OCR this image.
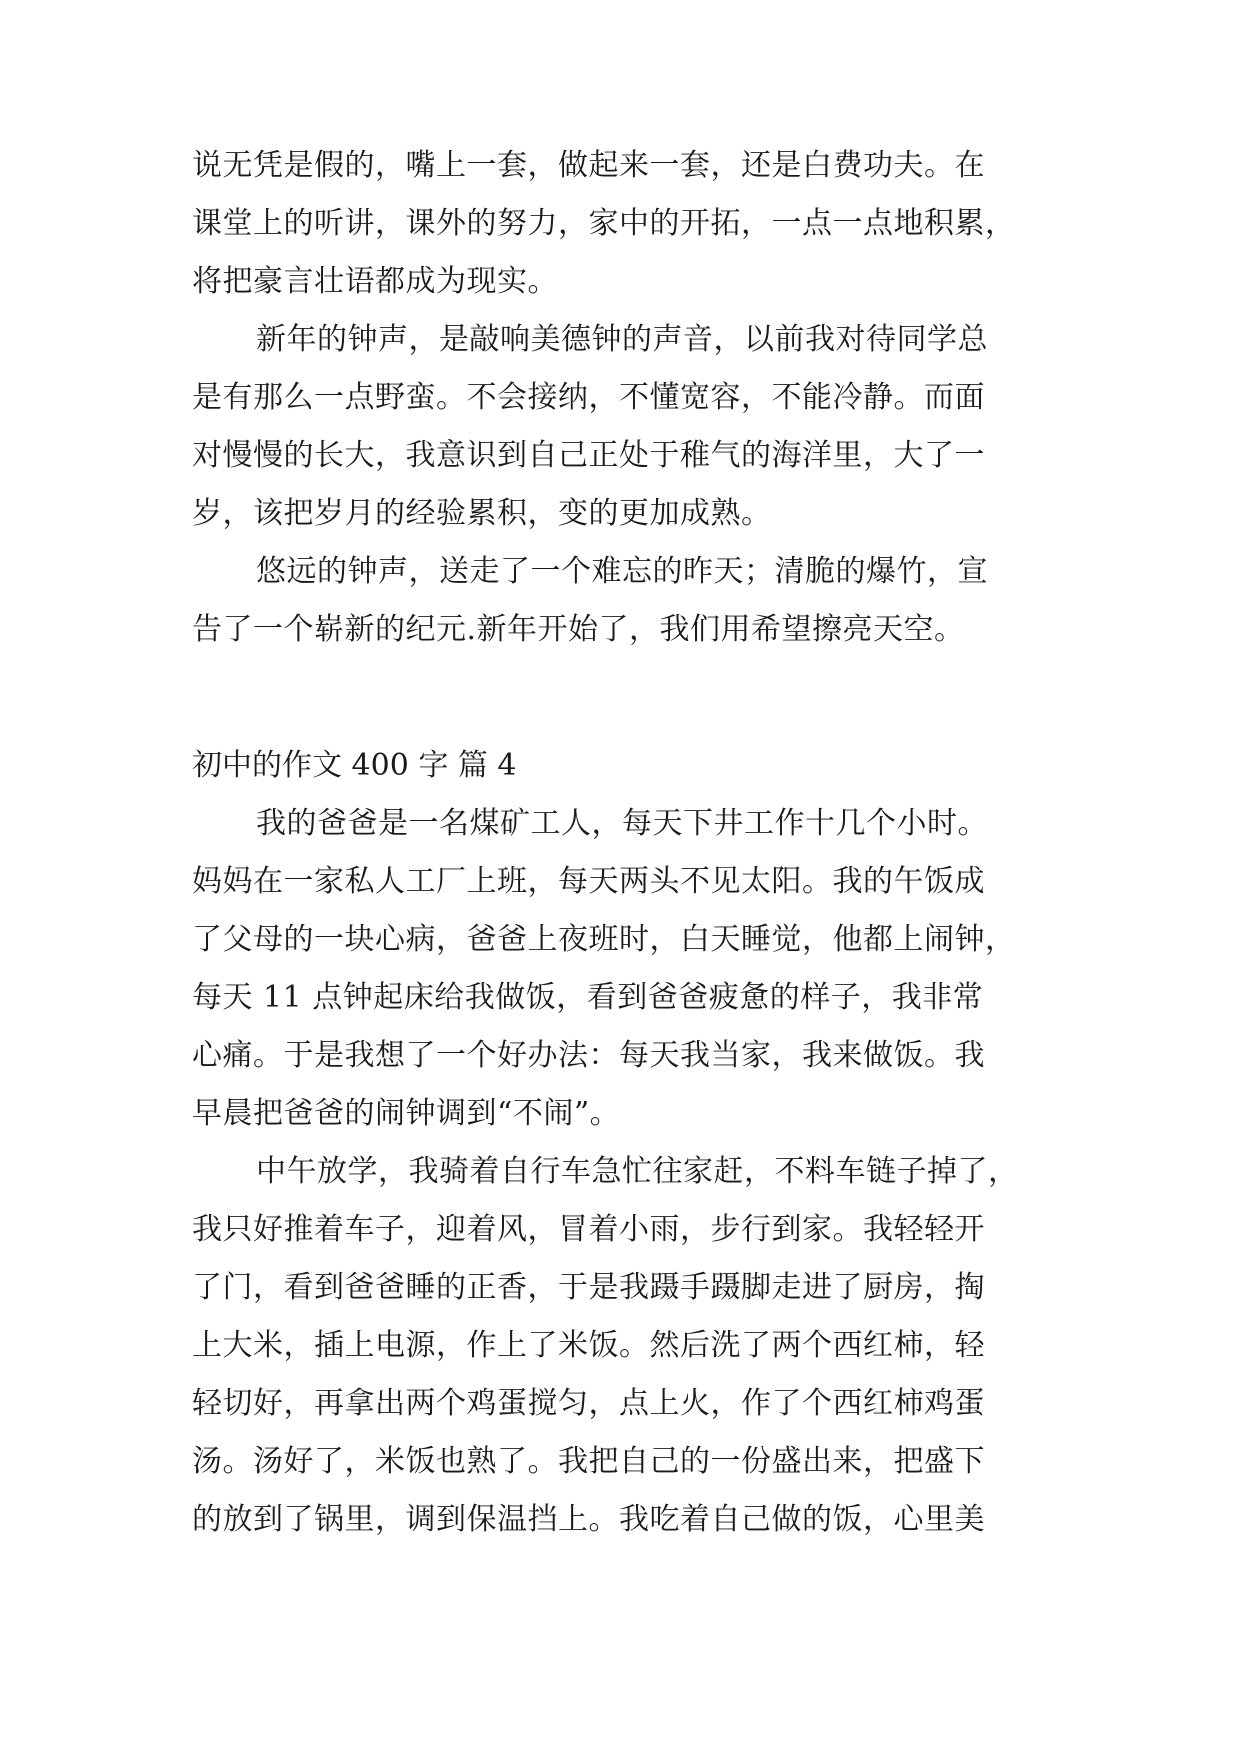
说无凭是假的，嘴上一套，做起来一套，还是白费功夫。在
课堂上的听讲，课外的努力，家中的开拓，一点一点地积累，
将把豪言壮语都成为现实。
新年的钟声，是敲响美德钟的声音，以前我对待同学总
是有那么一点野蛮。不会接纳，不懂宽容，不能冷静。而面
对慢慢的长大，我意识到自己正处于稚气的海洋里，大了一
岁，该把岁月的经验累积，变的更加成熟。
悠远的钟声，送走了一个难忘的昨天；清脆的爆竹，宣
告了一个崭新的纪元.新年开始了，我们用希望擦亮天空。
初中的作文 400 字 篇 4
我的爸爸是一名煤矿工人，每天下井工作十几个小时。
妈妈在一家私人工厂上班，每天两头不见太阳。我的午饭成
了父母的一块心病，爸爸上夜班时，白天睡觉，他都上闹钟，
每天 11 点钟起床给我做饭，看到爸爸疲惫的样子，我非常
心痛。于是我想了一个好办法：每天我当家，我来做饭。我
早晨把爸爸的闹钟调到“不闹”。
中午放学，我骑着自行车急忙往家赶，不料车链子掉了，
我只好推着车子，迎着风，冒着小雨，步行到家。我轻轻开
了门，看到爸爸睡的正香，于是我蹑手蹑脚走进了厨房，掏
上大米，插上电源，作上了米饭。然后洗了两个西红柿，轻
轻切好，再拿出两个鸡蛋搅匀，点上火，作了个西红柿鸡蛋
汤。汤好了，米饭也熟了。我把自己的一份盛出来，把盛下
的放到了锅里，调到保温挡上。我吃着自己做的饭，心里美
